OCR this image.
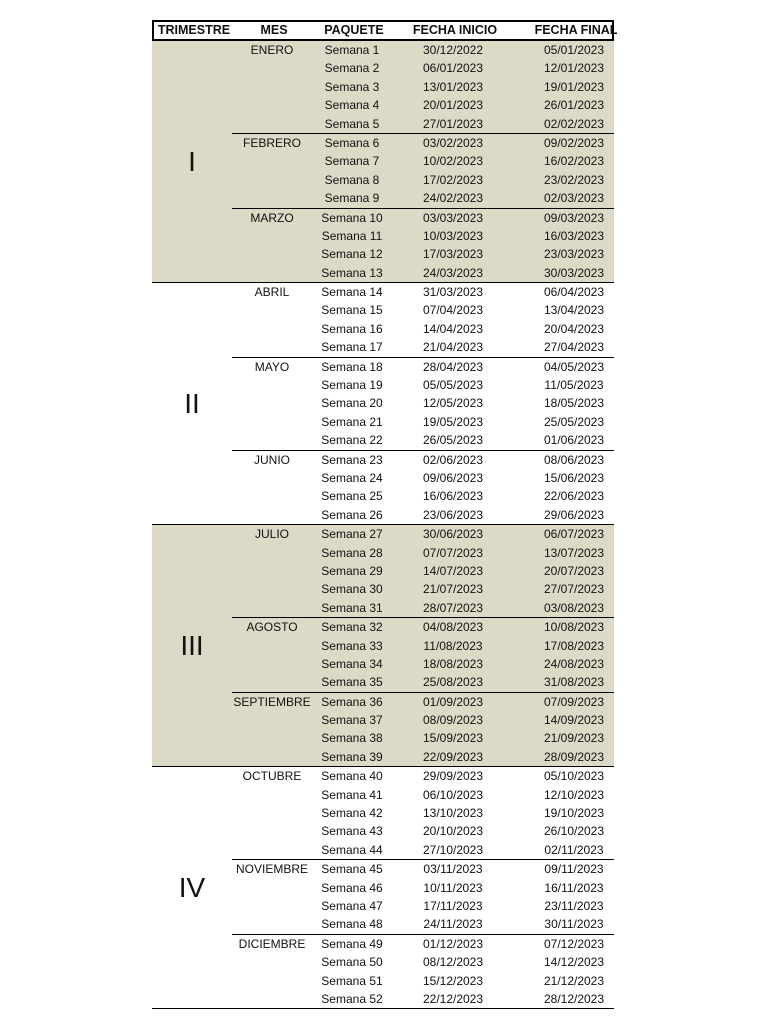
TRIMESTRE	MES	PAQUETE	FECHA INICIO	FECHA FINAL
I
ENERO	Semana 1	30/12/2022	05/01/2023
Semana 2	06/01/2023	12/01/2023
Semana 3	13/01/2023	19/01/2023
Semana 4	20/01/2023	26/01/2023
Semana 5	27/01/2023	02/02/2023
FEBRERO	Semana 6	03/02/2023	09/02/2023
Semana 7	10/02/2023	16/02/2023
Semana 8	17/02/2023	23/02/2023
Semana 9	24/02/2023	02/03/2023
MARZO	Semana 10	03/03/2023	09/03/2023
Semana 11	10/03/2023	16/03/2023
Semana 12	17/03/2023	23/03/2023
Semana 13	24/03/2023	30/03/2023
II
ABRIL	Semana 14	31/03/2023	06/04/2023
Semana 15	07/04/2023	13/04/2023
Semana 16	14/04/2023	20/04/2023
Semana 17	21/04/2023	27/04/2023
MAYO	Semana 18	28/04/2023	04/05/2023
Semana 19	05/05/2023	11/05/2023
Semana 20	12/05/2023	18/05/2023
Semana 21	19/05/2023	25/05/2023
Semana 22	26/05/2023	01/06/2023
JUNIO	Semana 23	02/06/2023	08/06/2023
Semana 24	09/06/2023	15/06/2023
Semana 25	16/06/2023	22/06/2023
Semana 26	23/06/2023	29/06/2023
III
JULIO	Semana 27	30/06/2023	06/07/2023
Semana 28	07/07/2023	13/07/2023
Semana 29	14/07/2023	20/07/2023
Semana 30	21/07/2023	27/07/2023
Semana 31	28/07/2023	03/08/2023
AGOSTO	Semana 32	04/08/2023	10/08/2023
Semana 33	11/08/2023	17/08/2023
Semana 34	18/08/2023	24/08/2023
Semana 35	25/08/2023	31/08/2023
SEPTIEMBRE Semana 36	01/09/2023	07/09/2023
Semana 37	08/09/2023	14/09/2023
Semana 38	15/09/2023	21/09/2023
Semana 39	22/09/2023	28/09/2023
IV
OCTUBRE	Semana 40	29/09/2023	05/10/2023
Semana 41	06/10/2023	12/10/2023
Semana 42	13/10/2023	19/10/2023
Semana 43	20/10/2023	26/10/2023
Semana 44	27/10/2023	02/11/2023
NOVIEMBRE	Semana 45	03/11/2023	09/11/2023
Semana 46	10/11/2023	16/11/2023
Semana 47	17/11/2023	23/11/2023
Semana 48	24/11/2023	30/11/2023
DICIEMBRE	Semana 49	01/12/2023	07/12/2023
Semana 50	08/12/2023	14/12/2023
Semana 51	15/12/2023	21/12/2023
Semana 52	22/12/2023	28/12/2023
